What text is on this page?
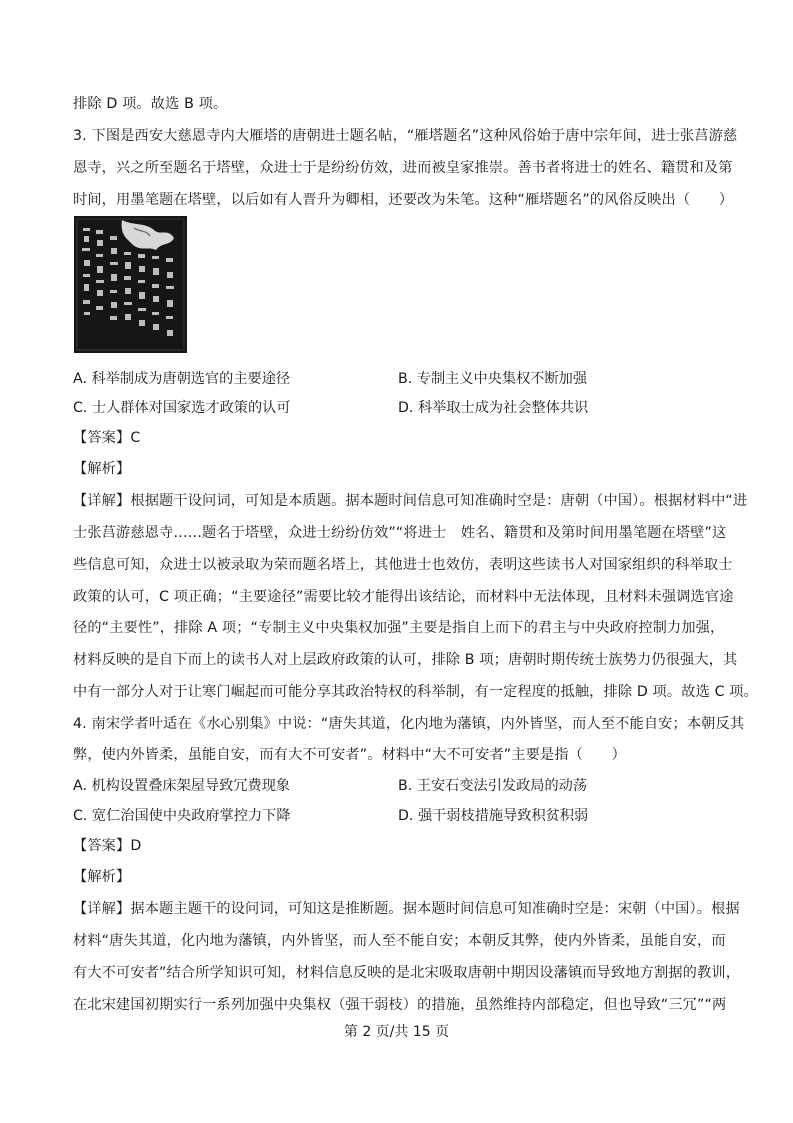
排除 D 项。故选 B 项。
3. 下图是西安大慈恩寺内大雁塔的唐朝进士题名帖，“雁塔题名”这种风俗始于唐中宗年间，进士张莒游慈
恩寺，兴之所至题名于塔壁，众进士于是纷纷仿效，进而被皇家推崇。善书者将进士的姓名、籍贯和及第
时间，用墨笔题在塔壁，以后如有人晋升为卿相，还要改为朱笔。这种“雁塔题名”的风俗反映出（　　）
A. 科举制成为唐朝选官的主要途径	B. 专制主义中央集权不断加强
C. 士人群体对国家选才政策的认可	D. 科举取士成为社会整体共识
【答案】C
【解析】
【详解】根据题干设问词，可知是本质题。据本题时间信息可知准确时空是：唐朝（中国）。根据材料中“进
士张莒游慈恩寺……题名于塔壁，众进士纷纷仿效”“将进士　姓名、籍贯和及第时间用墨笔题在塔壁”这
些信息可知，众进士以被录取为荣而题名塔上，其他进士也效仿，表明这些读书人对国家组织的科举取士
政策的认可，C 项正确；“主要途径”需要比较才能得出该结论，而材料中无法体现，且材料未强调选官途
径的“主要性”，排除 A 项；“专制主义中央集权加强”主要是指自上而下的君主与中央政府控制力加强，
材料反映的是自下而上的读书人对上层政府政策的认可，排除 B 项；唐朝时期传统士族势力仍很强大，其
中有一部分人对于让寒门崛起而可能分享其政治特权的科举制，有一定程度的抵触，排除 D 项。故选 C 项。
4. 南宋学者叶适在《水心别集》中说：“唐失其道，化内地为藩镇，内外皆坚，而人至不能自安；本朝反其
弊，使内外皆柔，虽能自安，而有大不可安者”。材料中“大不可安者”主要是指（　　）
A. 机构设置叠床架屋导致冗费现象	B. 王安石变法引发政局的动荡
C. 宽仁治国使中央政府掌控力下降	D. 强干弱枝措施导致积贫积弱
【答案】D
【解析】
【详解】据本题主题干的设问词，可知这是推断题。据本题时间信息可知准确时空是：宋朝（中国）。根据
材料“唐失其道，化内地为藩镇，内外皆坚，而人至不能自安；本朝反其弊，使内外皆柔，虽能自安，而
有大不可安者”结合所学知识可知，材料信息反映的是北宋吸取唐朝中期因设藩镇而导致地方割据的教训，
在北宋建国初期实行一系列加强中央集权（强干弱枝）的措施，虽然维持内部稳定，但也导致“三冗”“两
第 2 页/共 15 页
